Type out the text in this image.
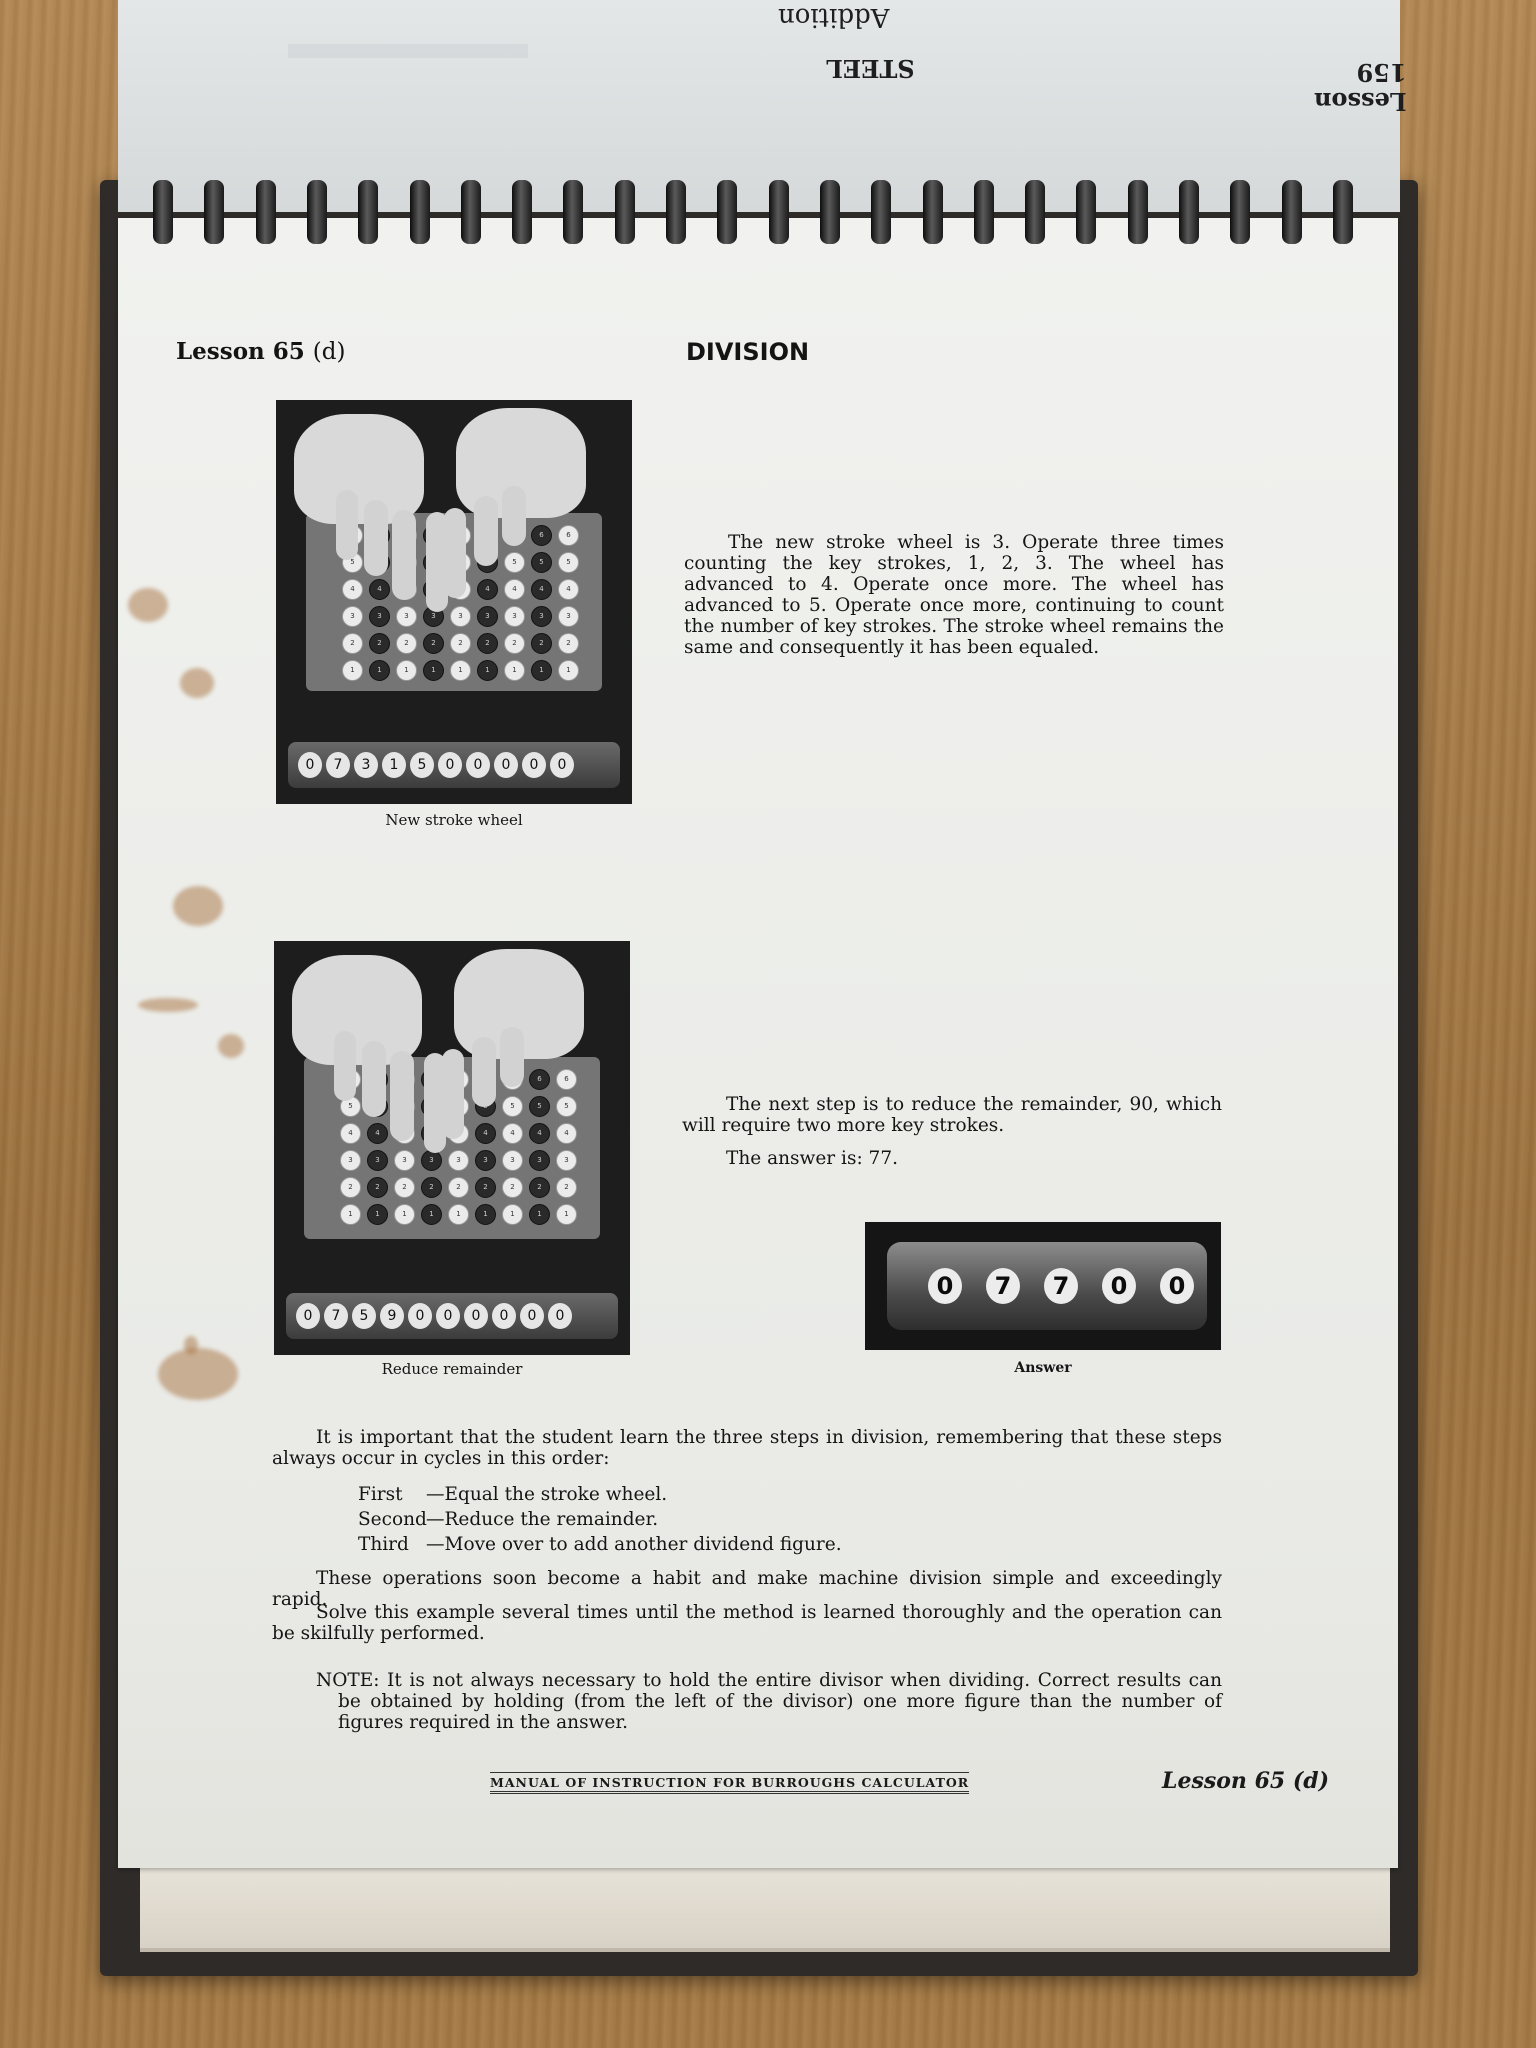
Addition
STEEL
Lesson 159
Lesson 65 (d)	DIVISION
5
4
3
2
1
4
3
2
1
3
2
1
3
2
1
3
2
1
4
3
2
1
5
4
3
2
1
6
5
4
3
2
1
6
5
4
3
2
1
0	7	3	1	5	0	0	0	0	0
New stroke wheel
5
4
3
2
1
4
3
2
1
3
2
1
3
2
1
3
2
1
4
3
2
1
5
4
3
2
1
6
5
4
3
2
1
6
5
4
3
2
1
0	7	5	9	0	0	0	0	0	0
Reduce remainder
0	7	7	0	0
Answer

The new stroke wheel is 3. Operate three times counting the key strokes, 1, 2, 3. The wheel has advanced to 4. Operate once more. The wheel has advanced to 5. Operate once more, continuing to count the number of key strokes. The stroke wheel remains the same and consequently it has been equaled.

The next step is to reduce the remainder, 90, which will require two more key strokes.

The answer is: 77.

It is important that the student learn the three steps in division, remembering that these steps always occur in cycles in this order:

First —Equal the stroke wheel.
Second—Reduce the remainder.
Third —Move over to add another dividend figure.

These operations soon become a habit and make machine division simple and exceedingly rapid.

Solve this example several times until the method is learned thoroughly and the operation can be skilfully performed.

NOTE: It is not always necessary to hold the entire divisor when dividing. Correct results can be obtained by holding (from the left of the divisor) one more figure than the number of figures required in the answer.

MANUAL OF INSTRUCTION FOR BURROUGHS CALCULATOR	Lesson 65 (d)
